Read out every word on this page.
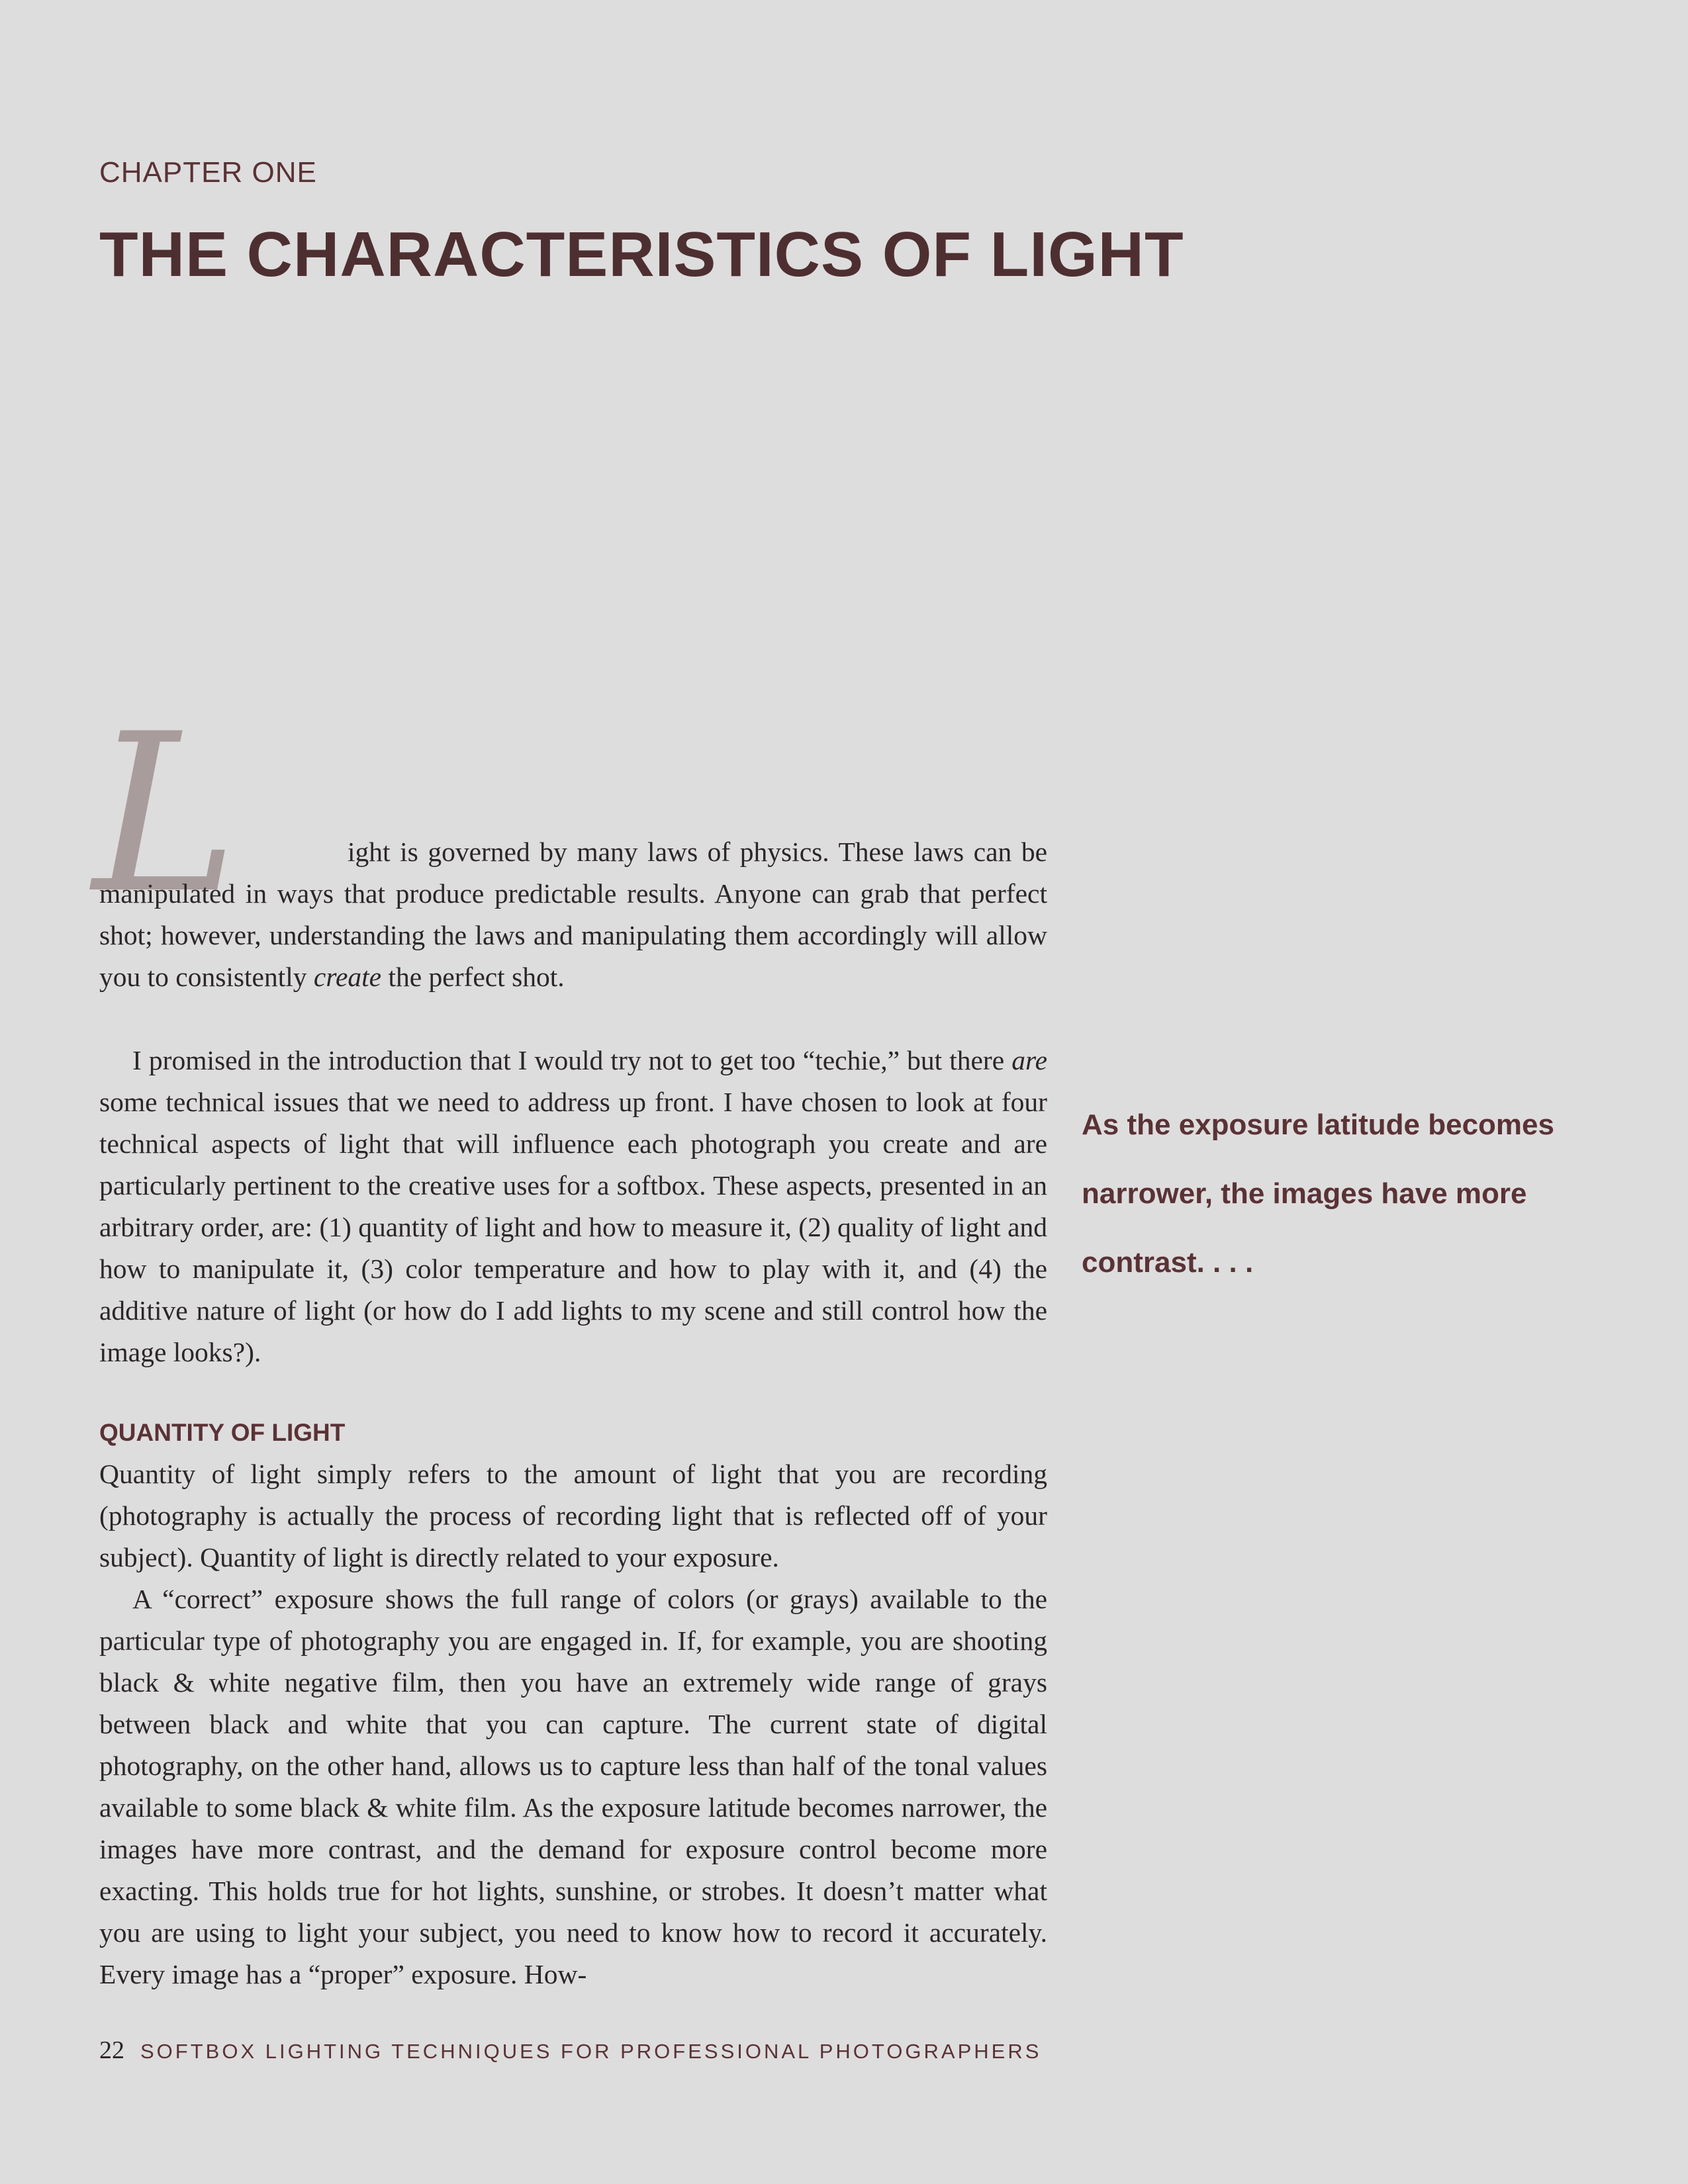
CHAPTER ONE
THE CHARACTERISTICS OF LIGHT
L	ight is governed by many laws of physics. These laws can be manipulated in ways that produce predictable results. Anyone can grab that perfect shot; however, understanding the laws and manipulating them accordingly will allow you to consistently create the perfect shot.

I promised in the introduction that I would try not to get too “techie,” but there are some technical issues that we need to address up front. I have chosen to look at four technical aspects of light that will influence each photograph you create and are particularly pertinent to the creative uses for a softbox. These aspects, presented in an arbitrary order, are: (1) quantity of light and how to measure it, (2) quality of light and how to manipulate it, (3) color temperature and how to play with it, and (4) the additive nature of light (or how do I add lights to my scene and still control how the image looks?).

QUANTITY OF LIGHT

Quantity of light simply refers to the amount of light that you are recording (photography is actually the process of recording light that is reflected off of your subject). Quantity of light is directly related to your exposure.

A “correct” exposure shows the full range of colors (or grays) available to the particular type of photography you are engaged in. If, for example, you are shooting black & white negative film, then you have an extremely wide range of grays between black and white that you can capture. The current state of digital photography, on the other hand, allows us to capture less than half of the tonal values available to some black & white film. As the exposure latitude becomes narrower, the images have more contrast, and the demand for exposure control become more exacting. This holds true for hot lights, sunshine, or strobes. It doesn’t matter what you are using to light your subject, you need to know how to record it accurately. Every image has a “proper” exposure. How-

As the exposure latitude becomes narrower, the images have more contrast. . . .

22 SOFTBOX LIGHTING TECHNIQUES FOR PROFESSIONAL PHOTOGRAPHERS
